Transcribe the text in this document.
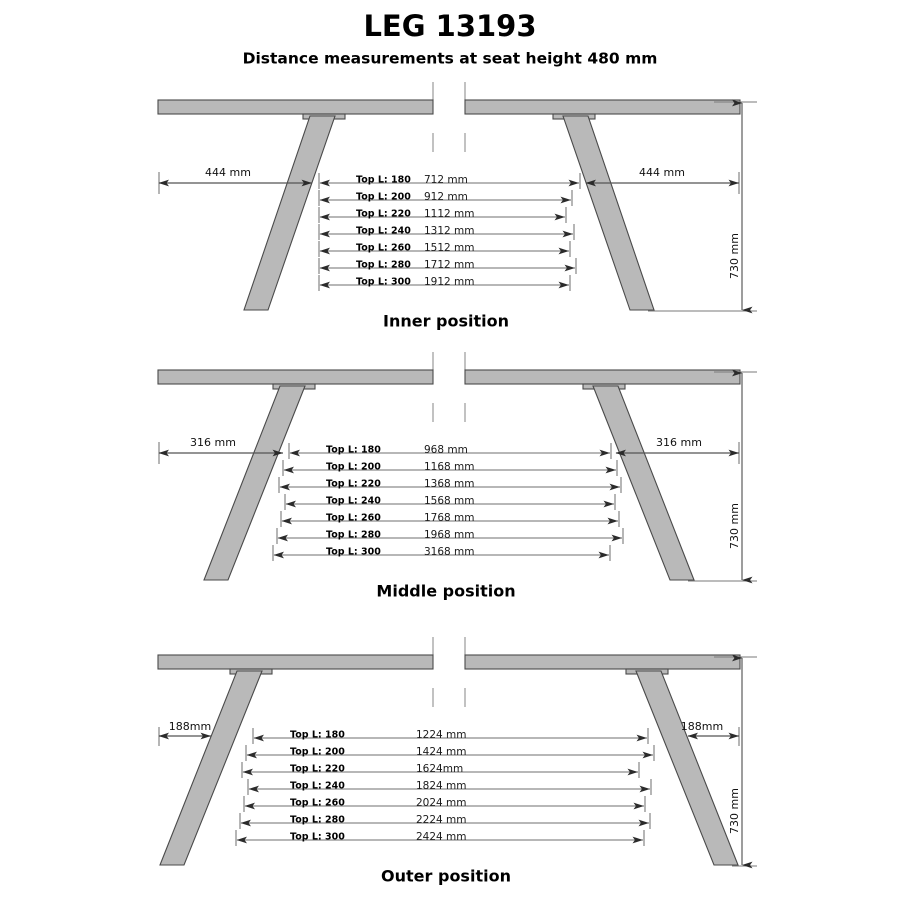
LEG 13193
Distance measurements at seat height 480 mm
444 mm	444 mm
730 mm
Top L: 180 712 mm
Top L: 200 912 mm
Top L: 220 1112 mm
Top L: 240 1312 mm
Top L: 260 1512 mm
Top L: 280 1712 mm
Top L: 300 1912 mm
Inner position
316 mm	316 mm
730 mm
Top L: 180	968 mm
Top L: 200	1168 mm
Top L: 220	1368 mm
Top L: 240	1568 mm
Top L: 260	1768 mm
Top L: 280	1968 mm
Top L: 300	3168 mm
Middle position
188mm	188mm
730 mm
Top L: 180	1224 mm
Top L: 200	1424 mm
Top L: 220	1624mm
Top L: 240	1824 mm
Top L: 260	2024 mm
Top L: 280	2224 mm
Top L: 300	2424 mm
Outer position
